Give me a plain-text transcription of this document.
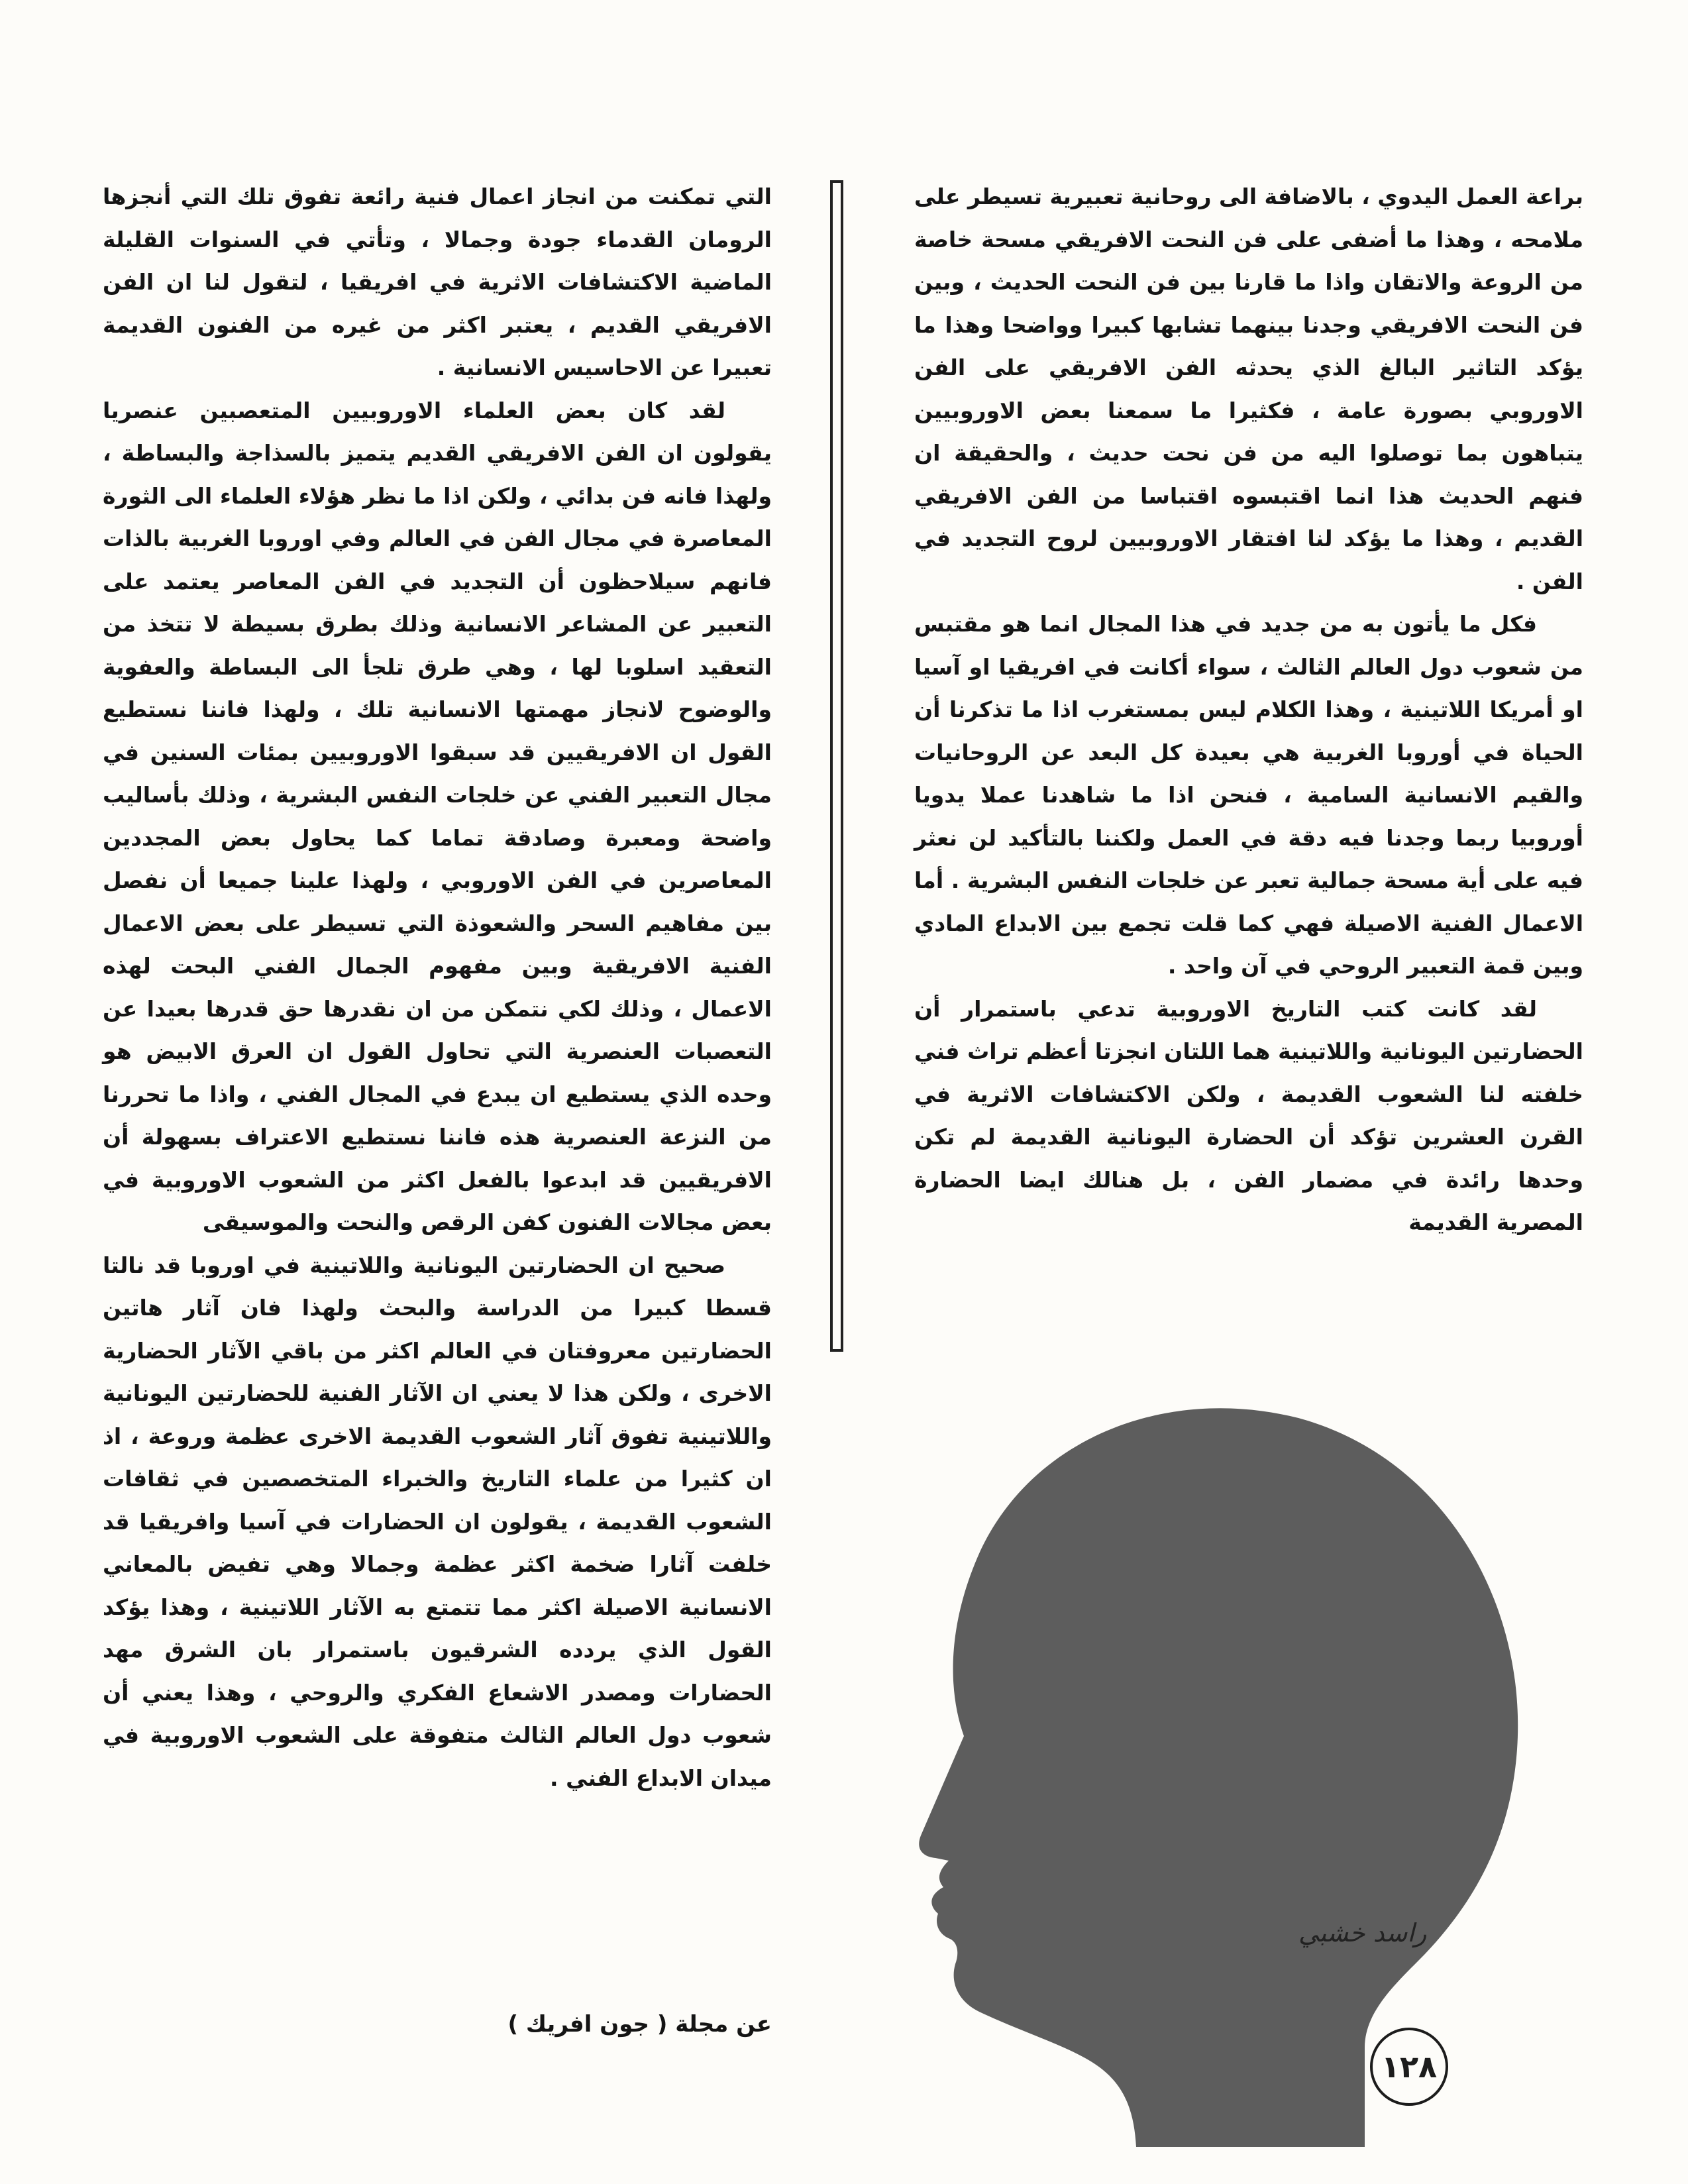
براعة العمل اليدوي ، بالاضافة الى روحانية تعبيرية تسيطر على ملامحه ، وهذا ما أضفى على فن النحت الافريقي مسحة خاصة من الروعة والاتقان واذا ما قارنا بين فن النحت الحديث ، وبين فن النحت الافريقي وجدنا بينهما تشابها كبيرا وواضحا وهذا ما يؤكد التاثير البالغ الذي يحدثه الفن الافريقي على الفن الاوروبي بصورة عامة ، فكثيرا ما سمعنا بعض الاوروبيين يتباهون بما توصلوا اليه من فن نحت حديث ، والحقيقة ان فنهم الحديث هذا انما اقتبسوه اقتباسا من الفن الافريقي القديم ، وهذا ما يؤكد لنا افتقار الاوروبيين لروح التجديد في الفن .

فكل ما يأتون به من جديد في هذا المجال انما هو مقتبس من شعوب دول العالم الثالث ، سواء أكانت في افريقيا او آسيا او أمريكا اللاتينية ، وهذا الكلام ليس بمستغرب اذا ما تذكرنا أن الحياة في أوروبا الغربية هي بعيدة كل البعد عن الروحانيات والقيم الانسانية السامية ، فنحن اذا ما شاهدنا عملا يدويا أوروبيا ربما وجدنا فيه دقة في العمل ولكننا بالتأكيد لن نعثر فيه على أية مسحة جمالية تعبر عن خلجات النفس البشرية . أما الاعمال الفنية الاصيلة فهي كما قلت تجمع بين الابداع المادي وبين قمة التعبير الروحي في آن واحد .

لقد كانت كتب التاريخ الاوروبية تدعي باستمرار أن الحضارتين اليونانية واللاتينية هما اللتان انجزتا أعظم تراث فني خلفته لنا الشعوب القديمة ، ولكن الاكتشافات الاثرية في القرن العشرين تؤكد أن الحضارة اليونانية القديمة لم تكن وحدها رائدة في مضمار الفن ، بل هنالك ايضا الحضارة المصرية القديمة

التي تمكنت من انجاز اعمال فنية رائعة تفوق تلك التي أنجزها الرومان القدماء جودة وجمالا ، وتأتي في السنوات القليلة الماضية الاكتشافات الاثرية في افريقيا ، لتقول لنا ان الفن الافريقي القديم ، يعتبر اكثر من غيره من الفنون القديمة تعبيرا عن الاحاسيس الانسانية .

لقد كان بعض العلماء الاوروبيين المتعصبين عنصريا يقولون ان الفن الافريقي القديم يتميز بالسذاجة والبساطة ، ولهذا فانه فن بدائي ، ولكن اذا ما نظر هؤلاء العلماء الى الثورة المعاصرة في مجال الفن في العالم وفي اوروبا الغربية بالذات فانهم سيلاحظون أن التجديد في الفن المعاصر يعتمد على التعبير عن المشاعر الانسانية وذلك بطرق بسيطة لا تتخذ من التعقيد اسلوبا لها ، وهي طرق تلجأ الى البساطة والعفوية والوضوح لانجاز مهمتها الانسانية تلك ، ولهذا فاننا نستطيع القول ان الافريقيين قد سبقوا الاوروبيين بمئات السنين في مجال التعبير الفني عن خلجات النفس البشرية ، وذلك بأساليب واضحة ومعبرة وصادقة تماما كما يحاول بعض المجددين المعاصرين في الفن الاوروبي ، ولهذا علينا جميعا أن نفصل بين مفاهيم السحر والشعوذة التي تسيطر على بعض الاعمال الفنية الافريقية وبين مفهوم الجمال الفني البحت لهذه الاعمال ، وذلك لكي نتمكن من ان نقدرها حق قدرها بعيدا عن التعصبات العنصرية التي تحاول القول ان العرق الابيض هو وحده الذي يستطيع ان يبدع في المجال الفني ، واذا ما تحررنا من النزعة العنصرية هذه فاننا نستطيع الاعتراف بسهولة أن الافريقيين قد ابدعوا بالفعل اكثر من الشعوب الاوروبية في بعض مجالات الفنون كفن الرقص والنحت والموسيقى

صحيح ان الحضارتين اليونانية واللاتينية في اوروبا قد نالتا قسطا كبيرا من الدراسة والبحث ولهذا فان آثار هاتين الحضارتين معروفتان في العالم اكثر من باقي الآثار الحضارية الاخرى ، ولكن هذا لا يعني ان الآثار الفنية للحضارتين اليونانية واللاتينية تفوق آثار الشعوب القديمة الاخرى عظمة وروعة ، اذ ان كثيرا من علماء التاريخ والخبراء المتخصصين في ثقافات الشعوب القديمة ، يقولون ان الحضارات في آسيا وافريقيا قد خلفت آثارا ضخمة اكثر عظمة وجمالا وهي تفيض بالمعاني الانسانية الاصيلة اكثر مما تتمتع به الآثار اللاتينية ، وهذا يؤكد القول الذي يردده الشرقيون باستمرار بان الشرق مهد الحضارات ومصدر الاشعاع الفكري والروحي ، وهذا يعني أن شعوب دول العالم الثالث متفوقة على الشعوب الاوروبية في ميدان الابداع الفني .

عن مجلة ( جون افريك )
راسد خشبي
١٢٨
